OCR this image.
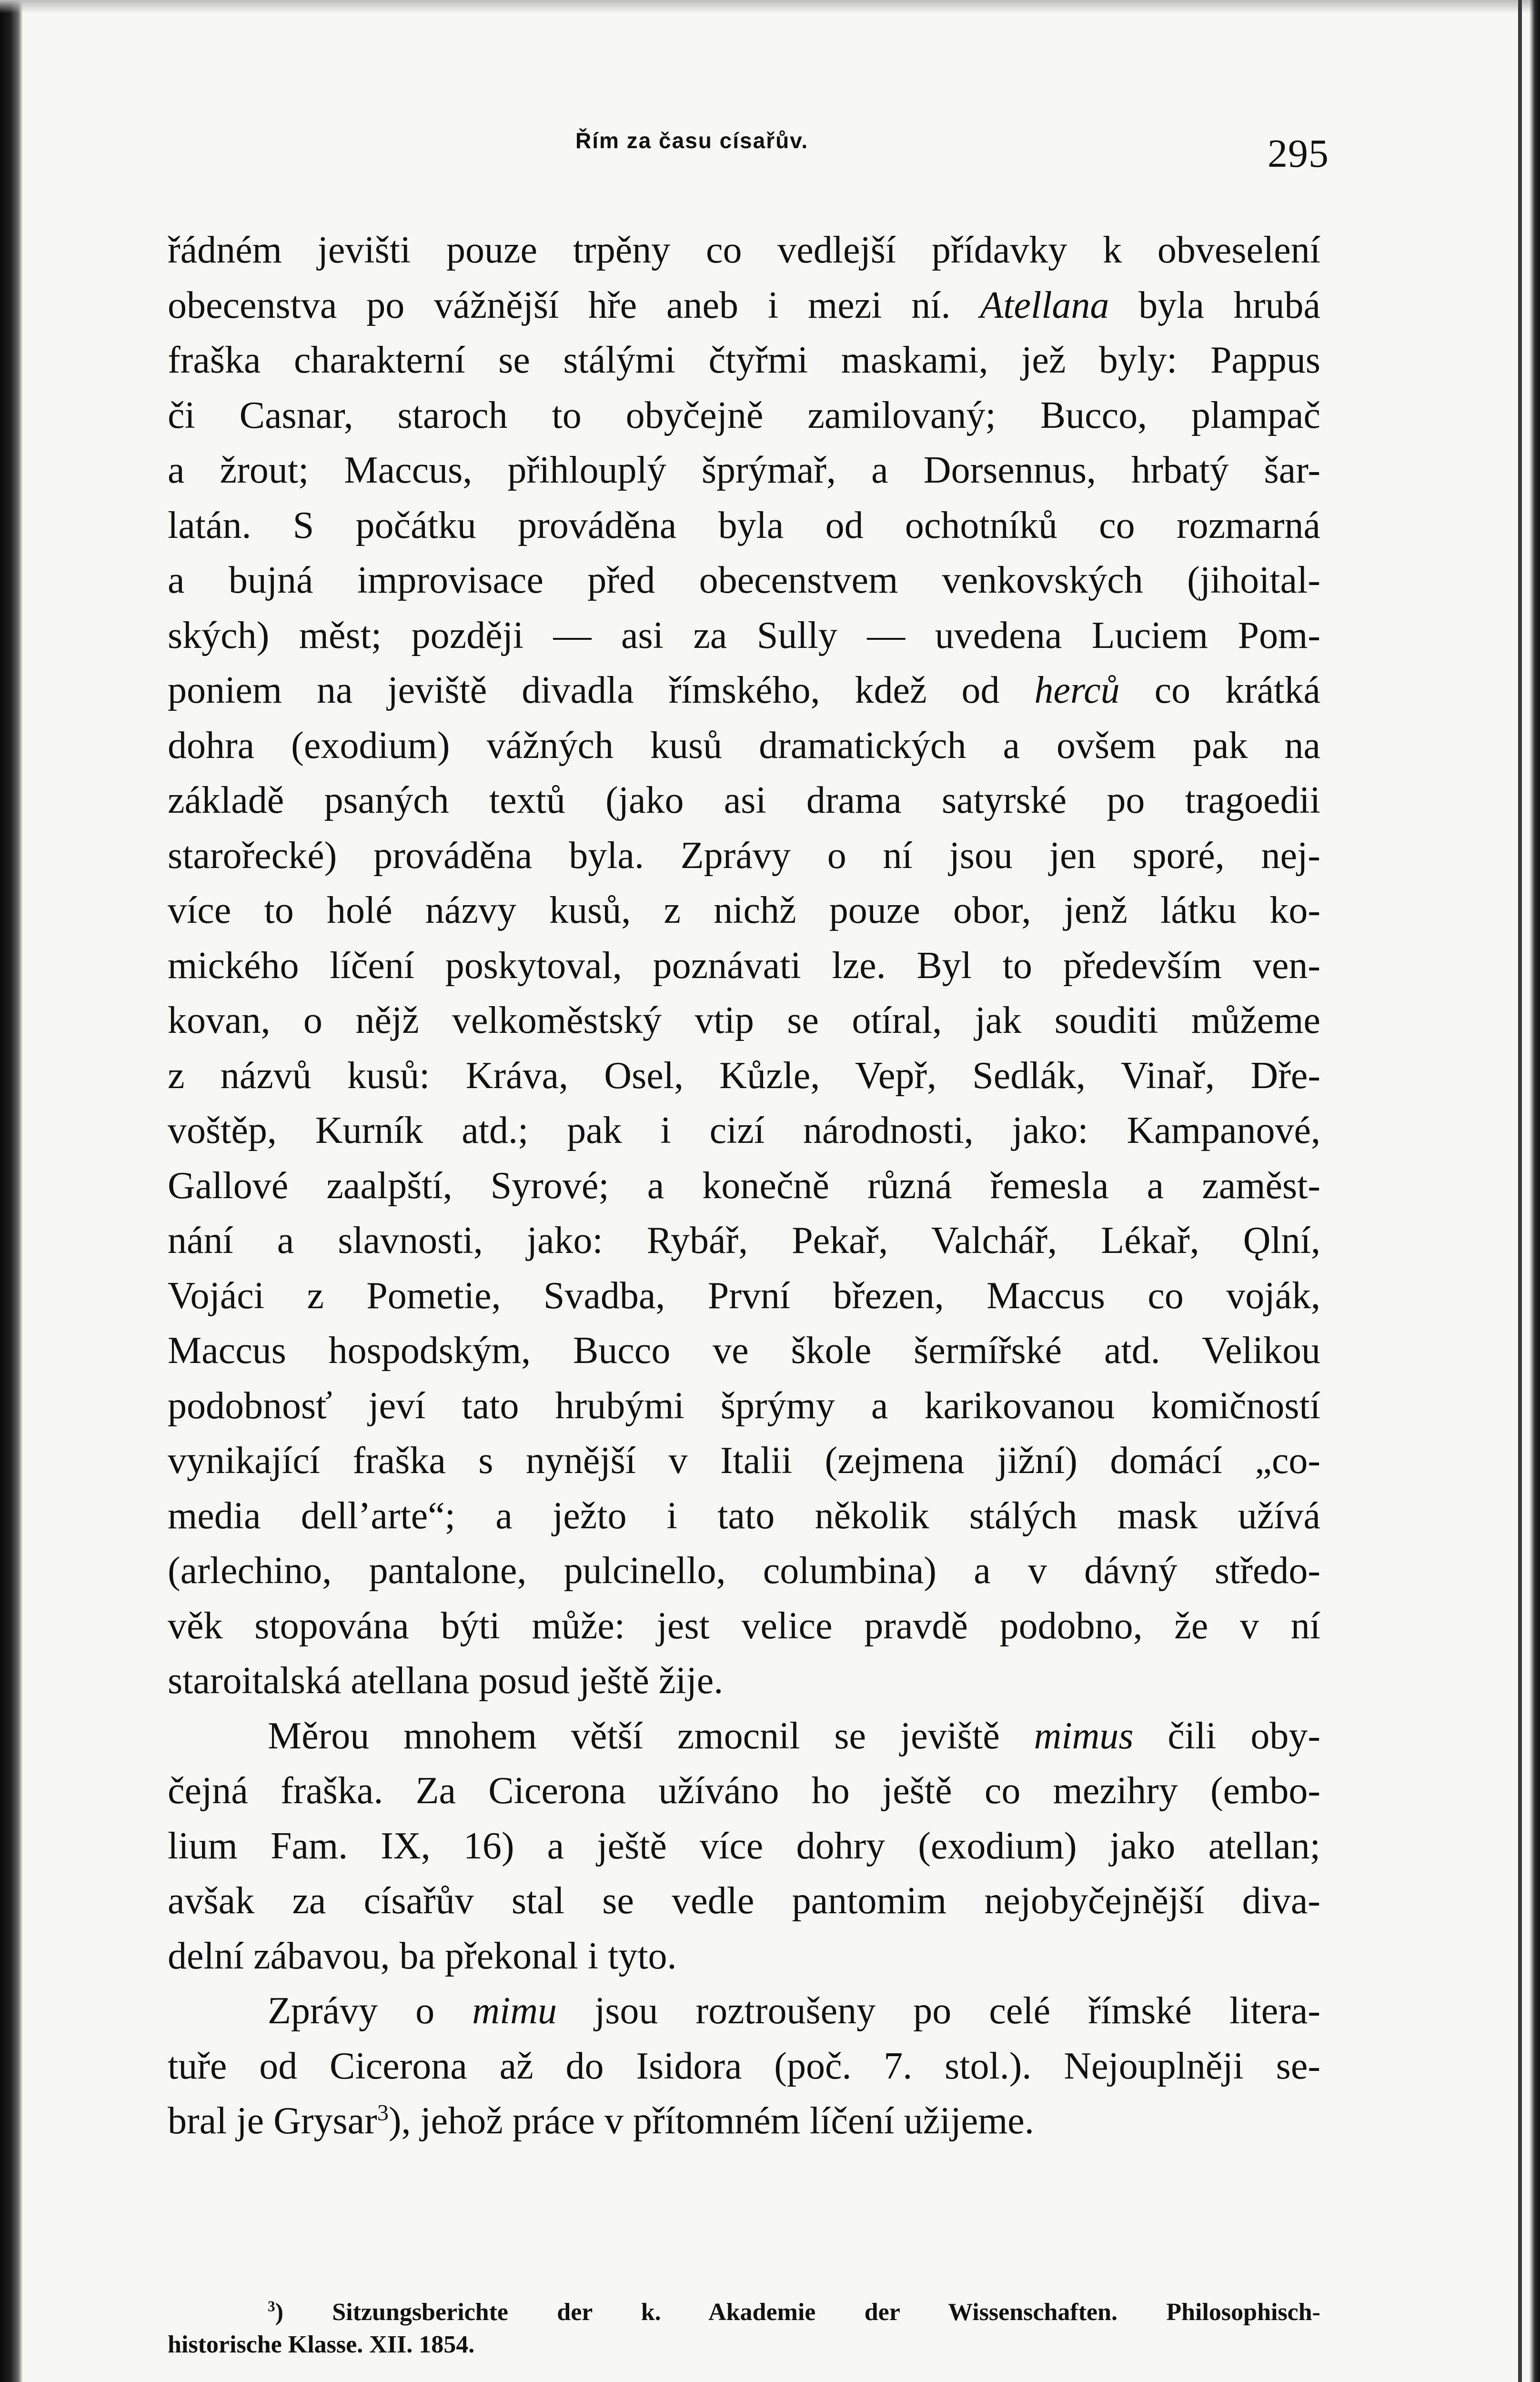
Řím za času císařův.	295
řádném jevišti pouze trpěny co vedlejší přídavky k obveselení
obecenstva po vážnější hře aneb i mezi ní. Atellana byla hrubá
fraška charakterní se stálými čtyřmi maskami, jež byly: Pappus
či Casnar, staroch to obyčejně zamilovaný; Bucco, plampač
a žrout; Maccus, přihlouplý šprýmař, a Dorsennus, hrbatý šar-
latán. S počátku prováděna byla od ochotníků co rozmarná
a bujná improvisace před obecenstvem venkovských (jihoital-
ských) měst; později — asi za Sully — uvedena Luciem Pom-
poniem na jeviště divadla římského, kdež od herců co krátká
dohra (exodium) vážných kusů dramatických a ovšem pak na
základě psaných textů (jako asi drama satyrské po tragoedii
starořecké) prováděna byla. Zprávy o ní jsou jen sporé, nej-
více to holé názvy kusů, z nichž pouze obor, jenž látku ko-
mického líčení poskytoval, poznávati lze. Byl to především ven-
kovan, o nějž velkoměstský vtip se otíral, jak souditi můžeme
z názvů kusů: Kráva, Osel, Kůzle, Vepř, Sedlák, Vinař, Dře-
voštěp, Kurník atd.; pak i cizí národnosti, jako: Kampanové,
Gallové zaalpští, Syrové; a konečně různá řemesla a zaměst-
nání a slavnosti, jako: Rybář, Pekař, Valchář, Lékař, Ǫlní,
Vojáci z Pometie, Svadba, První březen, Maccus co voják,
Maccus hospodským, Bucco ve škole šermířské atd. Velikou
podobnosť jeví tato hrubými šprýmy a karikovanou komičností
vynikající fraška s nynější v Italii (zejmena jižní) domácí „co-
media dell’arte“; a ježto i tato několik stálých mask užívá
(arlechino, pantalone, pulcinello, columbina) a v dávný středo-
věk stopována býti může: jest velice pravdě podobno, že v ní
staroitalská atellana posud ještě žije.
Měrou mnohem větší zmocnil se jeviště mimus čili oby-
čejná fraška. Za Cicerona užíváno ho ještě co mezihry (embo-
lium Fam. IX, 16) a ještě více dohry (exodium) jako atellan;
avšak za císařův stal se vedle pantomim nejobyčejnější diva-
delní zábavou, ba překonal i tyto.
Zprávy o mimu jsou roztroušeny po celé římské litera-
tuře od Cicerona až do Isidora (poč. 7. stol.). Nejouplněji se-
bral je Grysar$^3$), jehož práce v přítomném líčení užijeme.
$^3$) Sitzungsberichte der k. Akademie der Wissenschaften. Philosophisch-
historische Klasse. XII. 1854.
